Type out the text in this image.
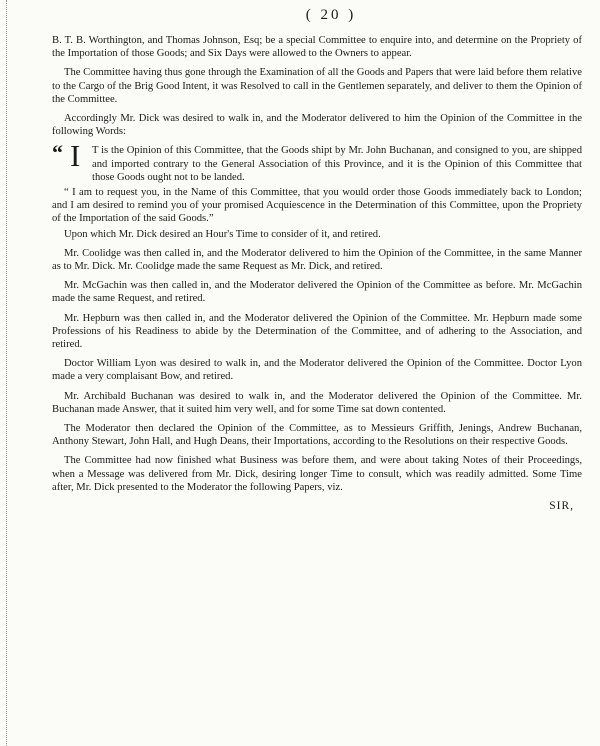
( 20 )

B. T. B. Worthington, and Thomas Johnson, Esq; be a special Committee to enquire into, and determine on the Propriety of the Importation of those Goods; and Six Days were allowed to the Owners to appear.

The Committee having thus gone through the Examination of all the Goods and Papers that were laid before them relative to the Cargo of the Brig Good Intent, it was Resolved to call in the Gentlemen separately, and deliver to them the Opinion of the Committee.

Accordingly Mr. Dick was desired to walk in, and the Moderator delivered to him the Opinion of the Committee in the following Words:

“ I T is the Opinion of this Committee, that the Goods shipt by Mr. John Buchanan, and consigned to you, are shipped and imported contrary to the General Association of this Province, and it is the Opinion of this Committee that those Goods ought not to be landed.

“ I am to request you, in the Name of this Committee, that you would order those Goods immediately back to London; and I am desired to remind you of your promised Acquiescence in the Determination of this Committee, upon the Propriety of the Importation of the said Goods.”

Upon which Mr. Dick desired an Hour's Time to consider of it, and retired.

Mr. Coolidge was then called in, and the Moderator delivered to him the Opinion of the Committee, in the same Manner as to Mr. Dick. Mr. Coolidge made the same Request as Mr. Dick, and retired.

Mr. McGachin was then called in, and the Moderator delivered the Opinion of the Committee as before. Mr. McGachin made the same Request, and retired.

Mr. Hepburn was then called in, and the Moderator delivered the Opinion of the Committee. Mr. Hepburn made some Professions of his Readiness to abide by the Determination of the Committee, and of adhering to the Association, and retired.

Doctor William Lyon was desired to walk in, and the Moderator delivered the Opinion of the Committee. Doctor Lyon made a very complaisant Bow, and retired.

Mr. Archibald Buchanan was desired to walk in, and the Moderator delivered the Opinion of the Committee. Mr. Buchanan made Answer, that it suited him very well, and for some Time sat down contented.

The Moderator then declared the Opinion of the Committee, as to Messieurs Griffith, Jenings, Andrew Buchanan, Anthony Stewart, John Hall, and Hugh Deans, their Importations, according to the Resolutions on their respective Goods.

The Committee had now finished what Business was before them, and were about taking Notes of their Proceedings, when a Message was delivered from Mr. Dick, desiring longer Time to consult, which was readily admitted. Some Time after, Mr. Dick presented to the Moderator the following Papers, viz.

SIR,
